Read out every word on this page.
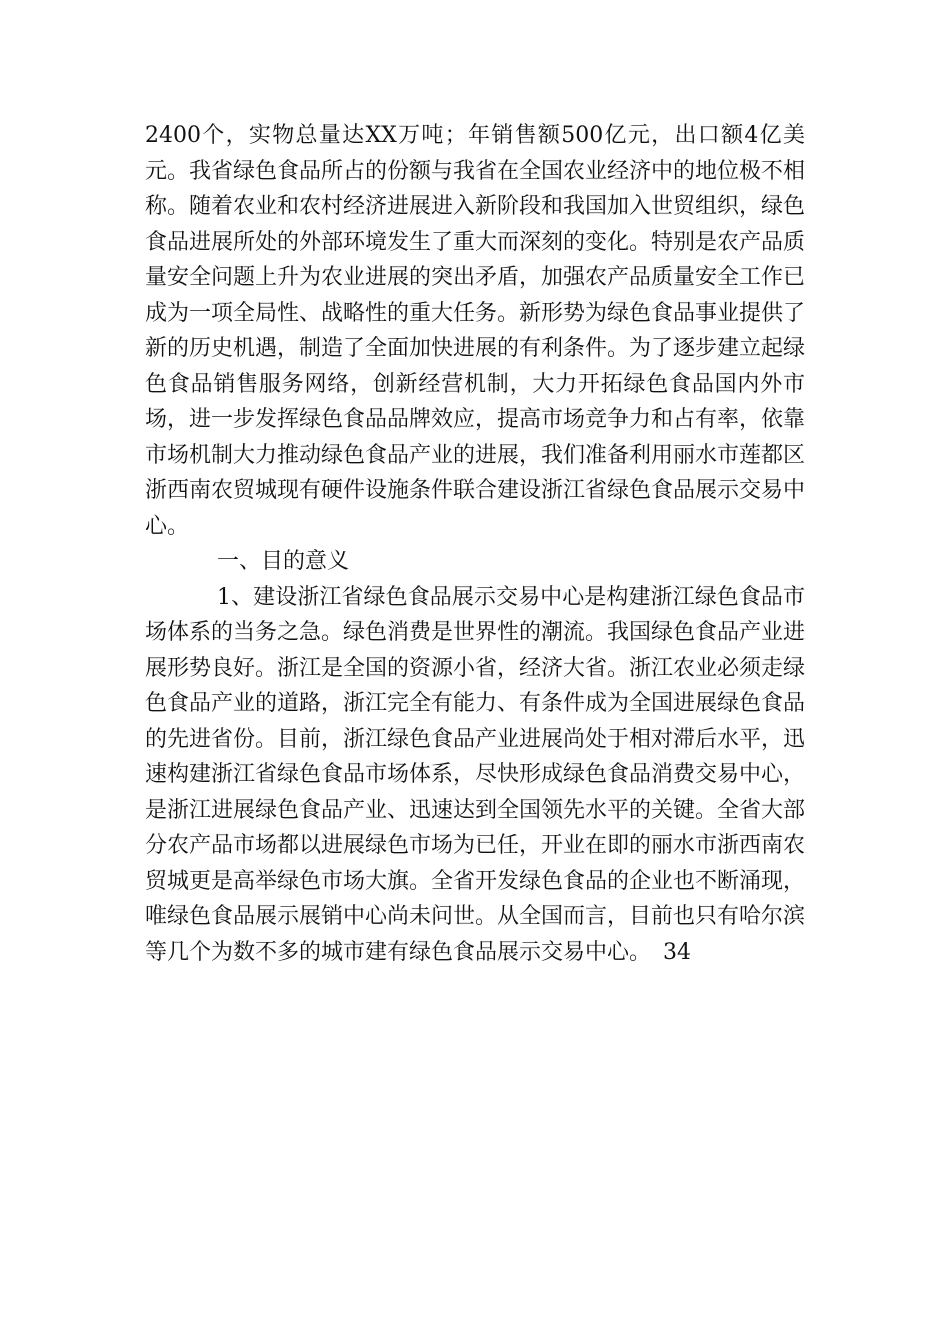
2400个，实物总量达XX万吨；年销售额500亿元，出口额4亿美元。我省绿色食品所占的份额与我省在全国农业经济中的地位极不相称。随着农业和农村经济进展进入新阶段和我国加入世贸组织，绿色食品进展所处的外部环境发生了重大而深刻的变化。特别是农产品质量安全问题上升为农业进展的突出矛盾，加强农产品质量安全工作已成为一项全局性、战略性的重大任务。新形势为绿色食品事业提供了新的历史机遇，制造了全面加快进展的有利条件。为了逐步建立起绿色食品销售服务网络，创新经营机制，大力开拓绿色食品国内外市场，进一步发挥绿色食品品牌效应，提高市场竞争力和占有率，依靠市场机制大力推动绿色食品产业的进展，我们准备利用丽水市莲都区浙西南农贸城现有硬件设施条件联合建设浙江省绿色食品展示交易中心。

一、目的意义

1、建设浙江省绿色食品展示交易中心是构建浙江绿色食品市场体系的当务之急。绿色消费是世界性的潮流。我国绿色食品产业进展形势良好。浙江是全国的资源小省，经济大省。浙江农业必须走绿色食品产业的道路，浙江完全有能力、有条件成为全国进展绿色食品的先进省份。目前，浙江绿色食品产业进展尚处于相对滞后水平，迅速构建浙江省绿色食品市场体系，尽快形成绿色食品消费交易中心，是浙江进展绿色食品产业、迅速达到全国领先水平的关键。全省大部分农产品市场都以进展绿色市场为已任，开业在即的丽水市浙西南农贸城更是高举绿色市场大旗。全省开发绿色食品的企业也不断涌现，唯绿色食品展示展销中心尚未问世。从全国而言，目前也只有哈尔滨等几个为数不多的城市建有绿色食品展示交易中心。 34
